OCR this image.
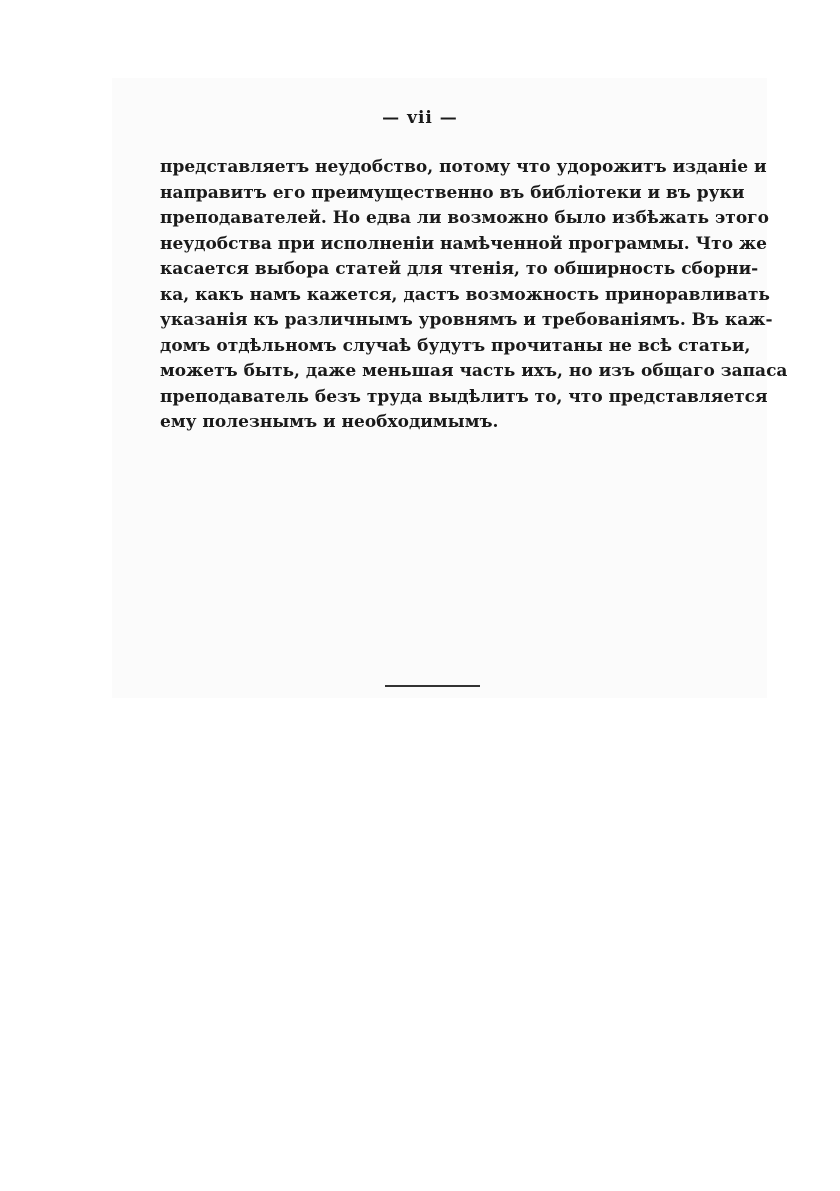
— vii —
представляетъ неудобство, потому что удорожитъ изданіе и
направитъ его преимущественно въ библіотеки и въ руки
преподавателей. Но едва ли возможно было избѣжать этого
неудобства при исполненіи намѣченной программы. Что же
касается выбора статей для чтенія, то обширность сборни-
ка, какъ намъ кажется, дастъ возможность приноравливать
указанія къ различнымъ уровнямъ и требованіямъ. Въ каж-
домъ отдѣльномъ случаѣ будутъ прочитаны не всѣ статьи,
можетъ быть, даже меньшая часть ихъ, но изъ общаго запаса
преподаватель безъ труда выдѣлитъ то, что представляется
ему полезнымъ и необходимымъ.
